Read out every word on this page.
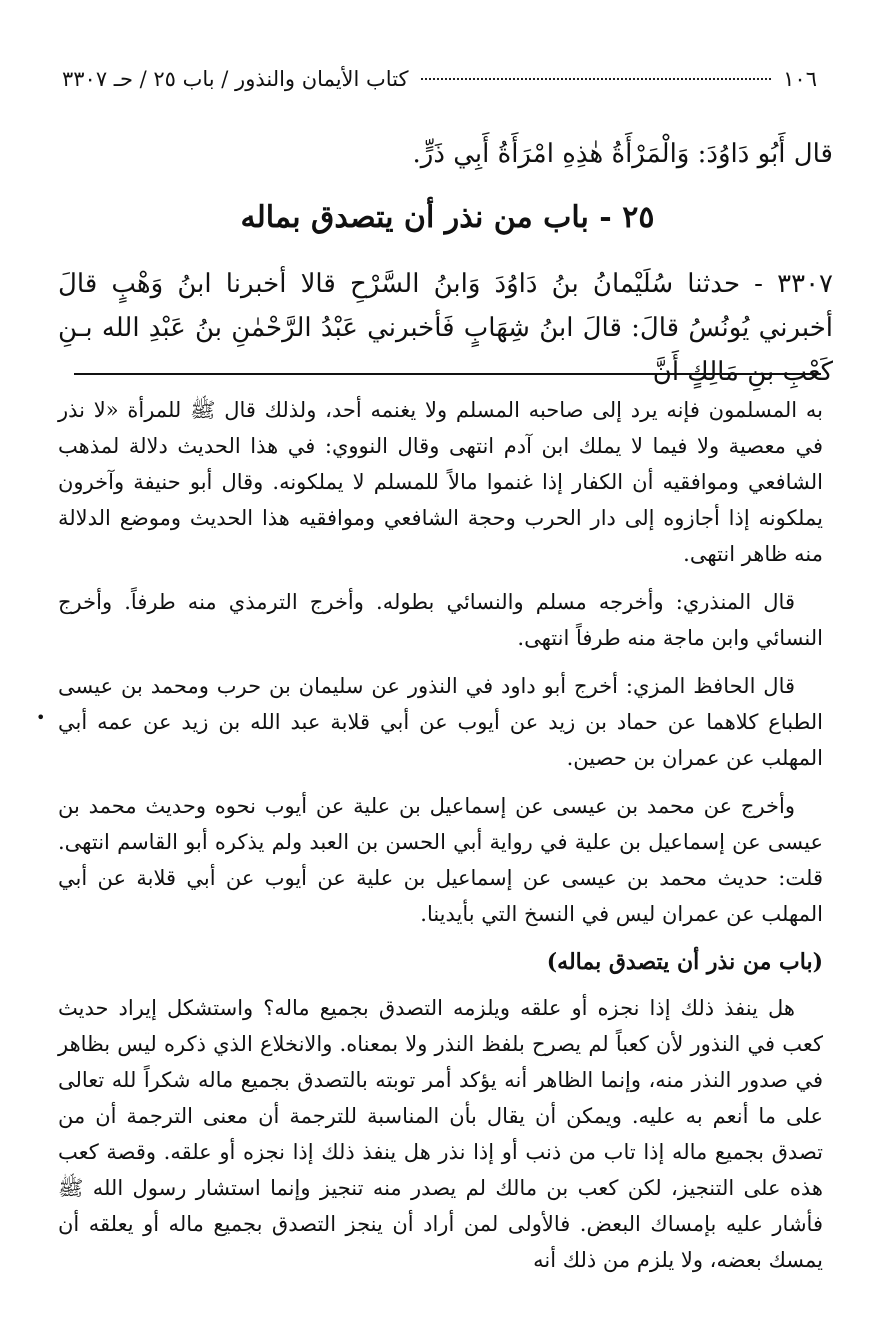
١٠٦
كتاب الأيمان والنذور / باب ٢٥ / حـ ٣٣٠٧
قال أَبُو دَاوُدَ: وَالْمَرْأَةُ هٰذِهِ امْرَأَةُ أَبِي ذَرٍّ.
٢٥ - باب من نذر أن يتصدق بماله
٣٣٠٧ - حدثنا سُلَيْمانُ بنُ دَاوُدَ وَابنُ السَّرْحِ قالا أخبرنا ابنُ وَهْبٍ قالَ أخبرني يُونُسُ قالَ: قالَ ابنُ شِهَابٍ فَأخبرني عَبْدُ الرَّحْمٰنِ بنُ عَبْدِ الله بـنِ كَعْبِ بنِ مَالِكٍ أَنَّ
•

به المسلمون فإنه يرد إلى صاحبه المسلم ولا يغنمه أحد، ولذلك قال ﷺ للمرأة «لا نذر في معصية ولا فيما لا يملك ابن آدم انتهى وقال النووي: في هذا الحديث دلالة لمذهب الشافعي وموافقيه أن الكفار إذا غنموا مالاً للمسلم لا يملكونه. وقال أبو حنيفة وآخرون يملكونه إذا أجازوه إلى دار الحرب وحجة الشافعي وموافقيه هذا الحديث وموضع الدلالة منه ظاهر انتهى.

قال المنذري: وأخرجه مسلم والنسائي بطوله. وأخرج الترمذي منه طرفاً. وأخرج النسائي وابن ماجة منه طرفاً انتهى.

قال الحافظ المزي: أخرج أبو داود في النذور عن سليمان بن حرب ومحمد بن عيسى الطباع كلاهما عن حماد بن زيد عن أيوب عن أبي قلابة عبد الله بن زيد عن عمه أبي المهلب عن عمران بن حصين.

وأخرج عن محمد بن عيسى عن إسماعيل بن علية عن أيوب نحوه وحديث محمد بن عيسى عن إسماعيل بن علية في رواية أبي الحسن بن العبد ولم يذكره أبو القاسم انتهى. قلت: حديث محمد بن عيسى عن إسماعيل بن علية عن أيوب عن أبي قلابة عن أبي المهلب عن عمران ليس في النسخ التي بأيدينا.

(باب من نذر أن يتصدق بماله)

هل ينفذ ذلك إذا نجزه أو علقه ويلزمه التصدق بجميع ماله؟ واستشكل إيراد حديث كعب في النذور لأن كعباً لم يصرح بلفظ النذر ولا بمعناه. والانخلاع الذي ذكره ليس بظاهر في صدور النذر منه، وإنما الظاهر أنه يؤكد أمر توبته بالتصدق بجميع ماله شكراً لله تعالى على ما أنعم به عليه. ويمكن أن يقال بأن المناسبة للترجمة أن معنى الترجمة أن من تصدق بجميع ماله إذا تاب من ذنب أو إذا نذر هل ينفذ ذلك إذا نجزه أو علقه. وقصة كعب هذه على التنجيز، لكن كعب بن مالك لم يصدر منه تنجيز وإنما استشار رسول الله ﷺ فأشار عليه بإمساك البعض. فالأولى لمن أراد أن ينجز التصدق بجميع ماله أو يعلقه أن يمسك بعضه، ولا يلزم من ذلك أنه
